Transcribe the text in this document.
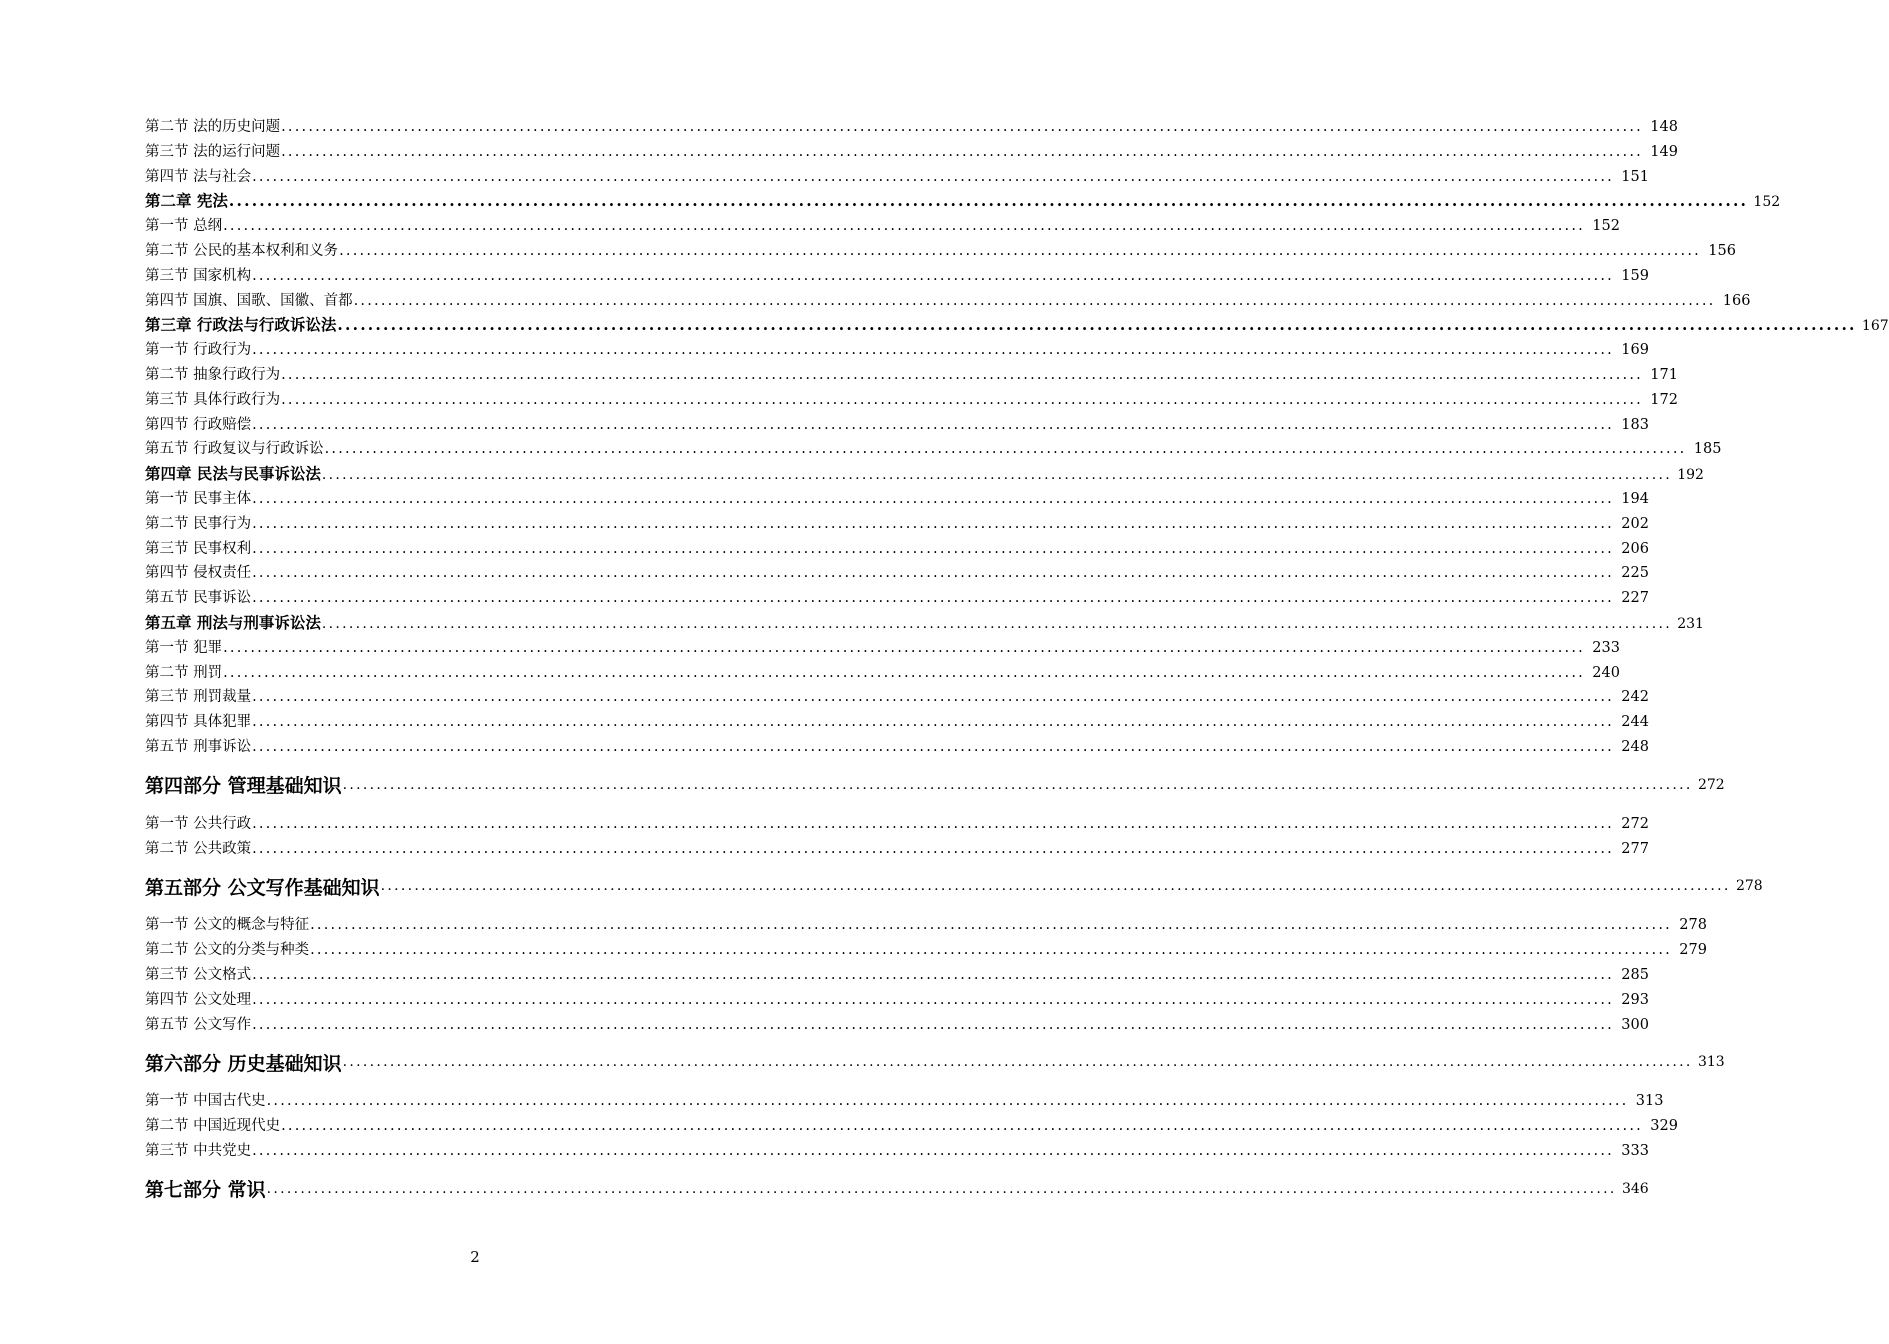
第二节 法的历史问题 ........................................................................................................................................................................................................ 148
第三节 法的运行问题 ........................................................................................................................................................................................................ 149
第四节 法与社会 ........................................................................................................................................................................................................ 151
第二章 宪法 ........................................................................................................................................................................................................ 152
第一节 总纲 ........................................................................................................................................................................................................ 152
第二节 公民的基本权利和义务 ........................................................................................................................................................................................................ 156
第三节 国家机构 ........................................................................................................................................................................................................ 159
第四节 国旗、国歌、国徽、首都 ........................................................................................................................................................................................................ 166
第三章 行政法与行政诉讼法 ........................................................................................................................................................................................................ 167
第一节 行政行为 ........................................................................................................................................................................................................ 169
第二节 抽象行政行为 ........................................................................................................................................................................................................ 171
第三节 具体行政行为 ........................................................................................................................................................................................................ 172
第四节 行政赔偿 ........................................................................................................................................................................................................ 183
第五节 行政复议与行政诉讼 ........................................................................................................................................................................................................ 185
第四章 民法与民事诉讼法 ........................................................................................................................................................................................................ 192
第一节 民事主体 ........................................................................................................................................................................................................ 194
第二节 民事行为 ........................................................................................................................................................................................................ 202
第三节 民事权利 ........................................................................................................................................................................................................ 206
第四节 侵权责任 ........................................................................................................................................................................................................ 225
第五节 民事诉讼 ........................................................................................................................................................................................................ 227
第五章 刑法与刑事诉讼法 ........................................................................................................................................................................................................ 231
第一节 犯罪 ........................................................................................................................................................................................................ 233
第二节 刑罚 ........................................................................................................................................................................................................ 240
第三节 刑罚裁量 ........................................................................................................................................................................................................ 242
第四节 具体犯罪 ........................................................................................................................................................................................................ 244
第五节 刑事诉讼 ........................................................................................................................................................................................................ 248
第四部分 管理基础知识 ........................................................................................................................................................................................................ 272
第一节 公共行政 ........................................................................................................................................................................................................ 272
第二节 公共政策 ........................................................................................................................................................................................................ 277
第五部分 公文写作基础知识 ........................................................................................................................................................................................................ 278
第一节 公文的概念与特征 ........................................................................................................................................................................................................ 278
第二节 公文的分类与种类 ........................................................................................................................................................................................................ 279
第三节 公文格式 ........................................................................................................................................................................................................ 285
第四节 公文处理 ........................................................................................................................................................................................................ 293
第五节 公文写作 ........................................................................................................................................................................................................ 300
第六部分 历史基础知识 ........................................................................................................................................................................................................ 313
第一节 中国古代史 ........................................................................................................................................................................................................ 313
第二节 中国近现代史 ........................................................................................................................................................................................................ 329
第三节 中共党史 ........................................................................................................................................................................................................ 333
第七部分 常识 ........................................................................................................................................................................................................ 346
2
